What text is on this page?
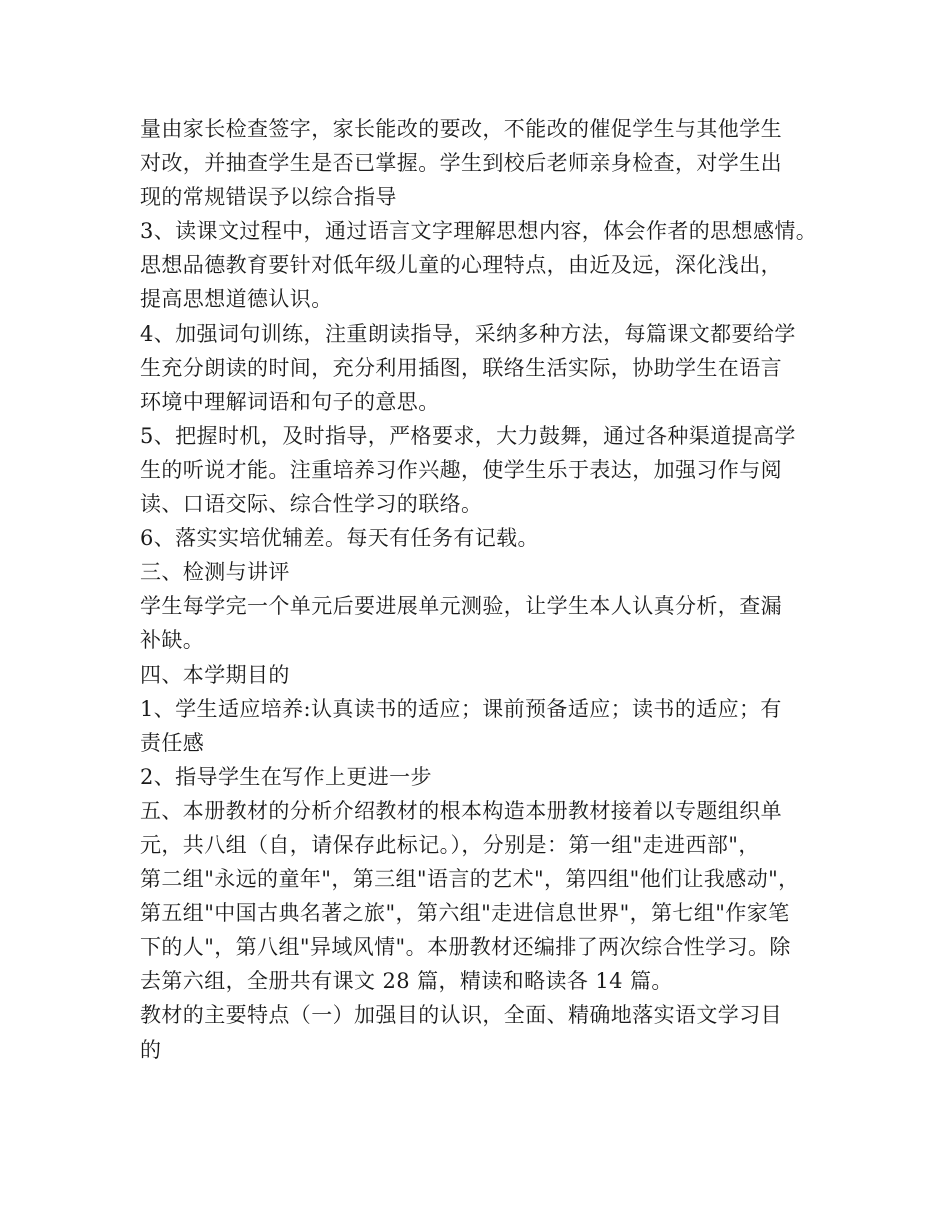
量由家长检查签字，家长能改的要改，不能改的催促学生与其他学生
对改，并抽查学生是否已掌握。学生到校后老师亲身检查，对学生出
现的常规错误予以综合指导
3、读课文过程中，通过语言文字理解思想内容，体会作者的思想感情。
思想品德教育要针对低年级儿童的心理特点，由近及远，深化浅出，
提高思想道德认识。
4、加强词句训练，注重朗读指导，采纳多种方法，每篇课文都要给学
生充分朗读的时间，充分利用插图，联络生活实际，协助学生在语言
环境中理解词语和句子的意思。
5、把握时机，及时指导，严格要求，大力鼓舞，通过各种渠道提高学
生的听说才能。注重培养习作兴趣，使学生乐于表达，加强习作与阅
读、口语交际、综合性学习的联络。
6、落实实培优辅差。每天有任务有记载。
三、检测与讲评
学生每学完一个单元后要进展单元测验，让学生本人认真分析，查漏
补缺。
四、本学期目的
1、学生适应培养:认真读书的适应；课前预备适应；读书的适应；有
责任感
2、指导学生在写作上更进一步
五、本册教材的分析介绍教材的根本构造本册教材接着以专题组织单
元，共八组（自，请保存此标记。），分别是：第一组"走进西部"，
第二组"永远的童年"，第三组"语言的艺术"，第四组"他们让我感动"，
第五组"中国古典名著之旅"，第六组"走进信息世界"，第七组"作家笔
下的人"，第八组"异域风情"。本册教材还编排了两次综合性学习。除
去第六组，全册共有课文 28 篇，精读和略读各 14 篇。
教材的主要特点（一）加强目的认识，全面、精确地落实语文学习目
的
